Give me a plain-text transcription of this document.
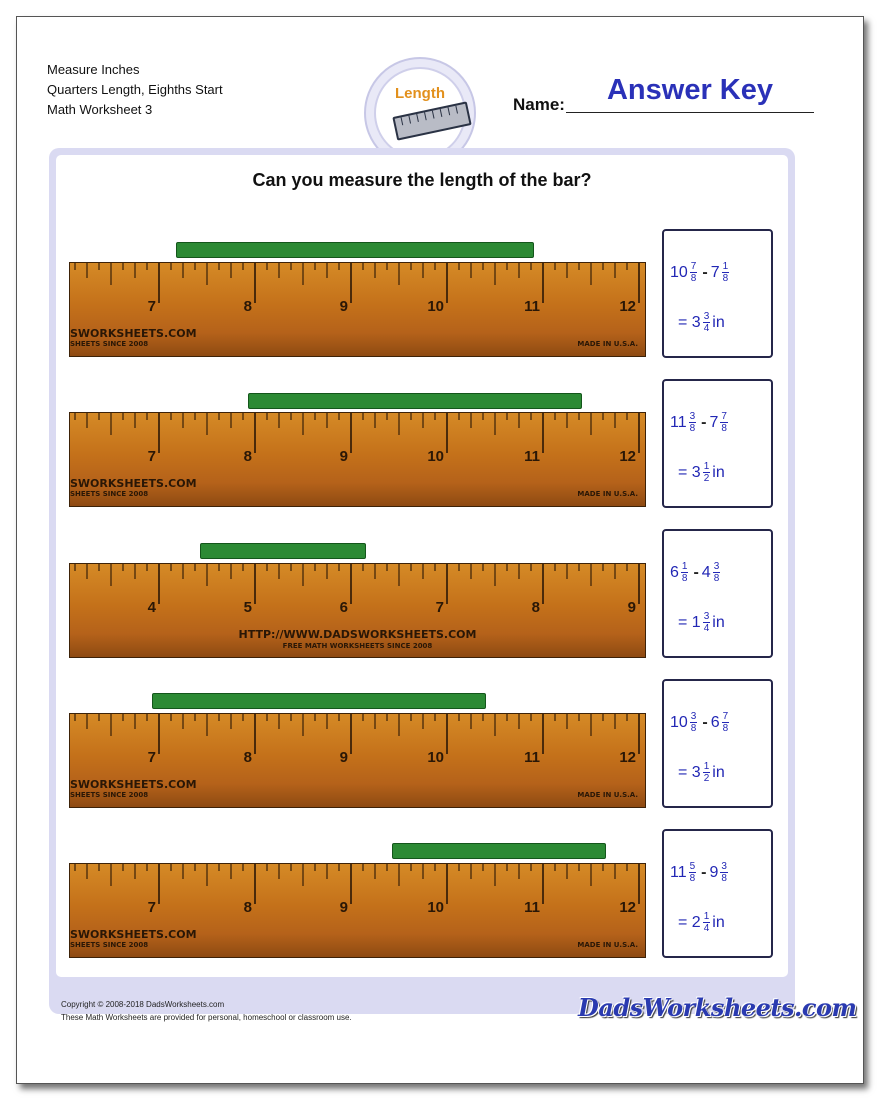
Measure Inches
Quarters Length, Eighths Start
Math Worksheet 3
Length
Name:	Answer Key
Can you measure the length of the bar?
7	8	9	10	11	12
SWORKSHEETS.COM
SHEETS SINCE 2008	MADE IN U.S.A.
$10 \frac{7}{8} - 7 \frac{1}{8}$
=
$3 \frac{3}{4}$ in
7	8	9	10	11	12
SWORKSHEETS.COM
SHEETS SINCE 2008	MADE IN U.S.A.
$11 \frac{3}{8} - 7 \frac{7}{8}$
=
$3 \frac{1}{2}$ in
4	5	6	7	8	9
HTTP://WWW.DADSWORKSHEETS.COM
FREE MATH WORKSHEETS SINCE 2008
$6 \frac{1}{8} - 4 \frac{3}{8}$
=
$1 \frac{3}{4}$ in
7	8	9	10	11	12
SWORKSHEETS.COM
SHEETS SINCE 2008	MADE IN U.S.A.
$10 \frac{3}{8} - 6 \frac{7}{8}$
=
$3 \frac{1}{2}$ in
7	8	9	10	11	12
SWORKSHEETS.COM
SHEETS SINCE 2008	MADE IN U.S.A.
$11 \frac{5}{8} - 9 \frac{3}{8}$
=
$2 \frac{1}{4}$ in
Copyright © 2008-2018 DadsWorksheets.com
These Math Worksheets are provided for personal, homeschool or classroom use.	DadsWorksheets.com
